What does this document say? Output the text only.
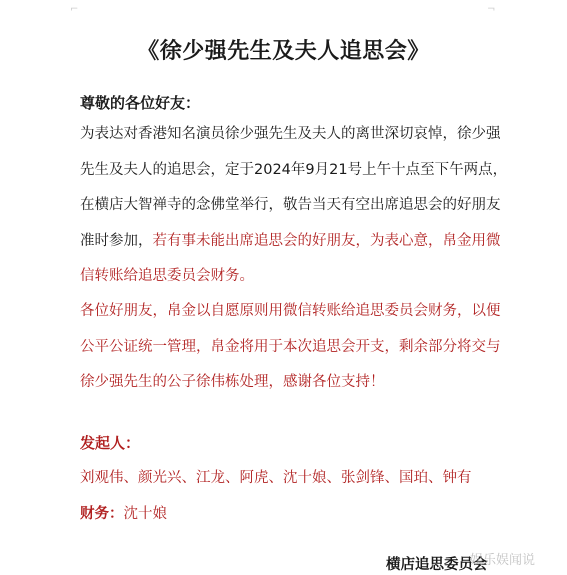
⌐	¬
《徐少强先生及夫人追思会》
尊敬的各位好友：
为表达对香港知名演员徐少强先生及夫人的离世深切哀悼，徐少强先生及夫人的追思会，定于2024年9月21号上午十点至下午两点，在横店大智禅寺的念佛堂举行，敬告当天有空出席追思会的好朋友准时参加，若有事未能出席追思会的好朋友，为表心意，帛金用微信转账给追思委员会财务。
各位好朋友，帛金以自愿原则用微信转账给追思委员会财务，以便公平公证统一管理，帛金将用于本次追思会开支，剩余部分将交与徐少强先生的公子徐伟栋处理，感谢各位支持！
发起人：
刘观伟、颜光兴、江龙、阿虎、沈十娘、张剑锋、国珀、钟有
财务：沈十娘
横店追思委员会
娱乐娱闻说
